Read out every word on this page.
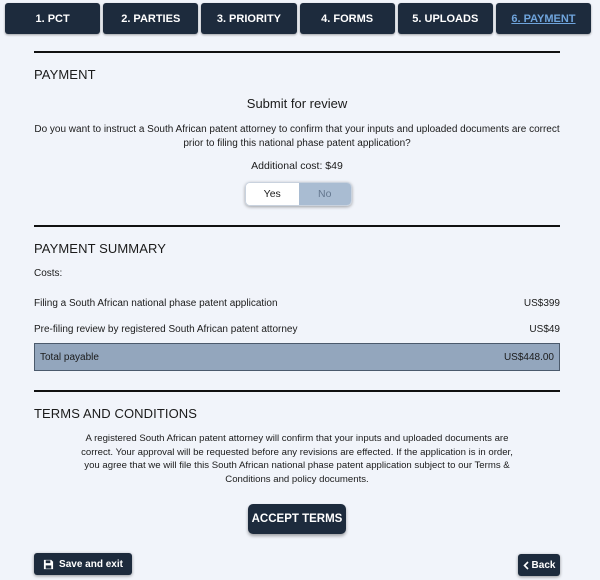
1. PCT	2. PARTIES	3. PRIORITY	4. FORMS	5. UPLOADS	6. PAYMENT
PAYMENT
Submit for review
Do you want to instruct a South African patent attorney to confirm that your inputs and uploaded documents are correct prior to filing this national phase patent application?
Additional cost: $49
Yes	No
PAYMENT SUMMARY
Costs:
Filing a South African national phase patent application	US$399
Pre-filing review by registered South African patent attorney	US$49
Total payable	US$448.00
TERMS AND CONDITIONS
A registered South African patent attorney will confirm that your inputs and uploaded documents are correct. Your approval will be requested before any revisions are effected. If the application is in order, you agree that we will file this South African national phase patent application subject to our Terms & Conditions and policy documents.
ACCEPT TERMS
Save and exit	Back
